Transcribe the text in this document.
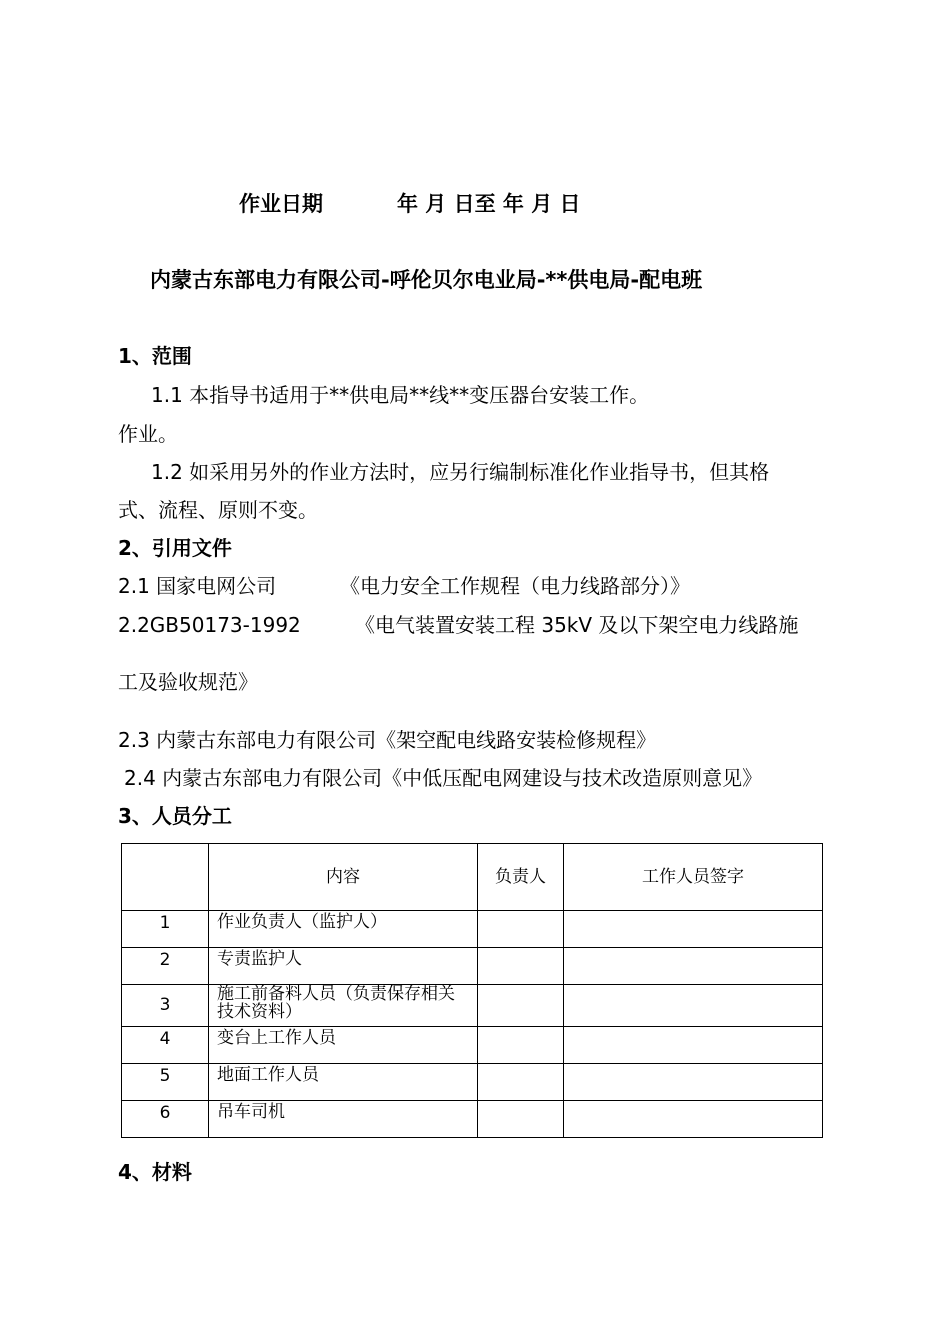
作业日期	年 月 日至 年 月 日
内蒙古东部电力有限公司-呼伦贝尔电业局-**供电局-配电班
1、范围
1.1 本指导书适用于**供电局**线**变压器台安装工作。
作业。
1.2 如采用另外的作业方法时，应另行编制标准化作业指导书，但其格
式、流程、原则不变。
2、引用文件
2.1 国家电网公司	《电力安全工作规程（电力线路部分）》
2.2GB50173-1992	《电气装置安装工程 35kV 及以下架空电力线路施
工及验收规范》
2.3 内蒙古东部电力有限公司《架空配电线路安装检修规程》
2.4 内蒙古东部电力有限公司《中低压配电网建设与技术改造原则意见》
3、人员分工
	内容	负责人	工作人员签字
1	作业负责人（监护人）		
2	专责监护人		
3	施工前备料人员（负责保存相关技术资料）		
4	变台上工作人员		
5	地面工作人员		
6	吊车司机		
4、材料
